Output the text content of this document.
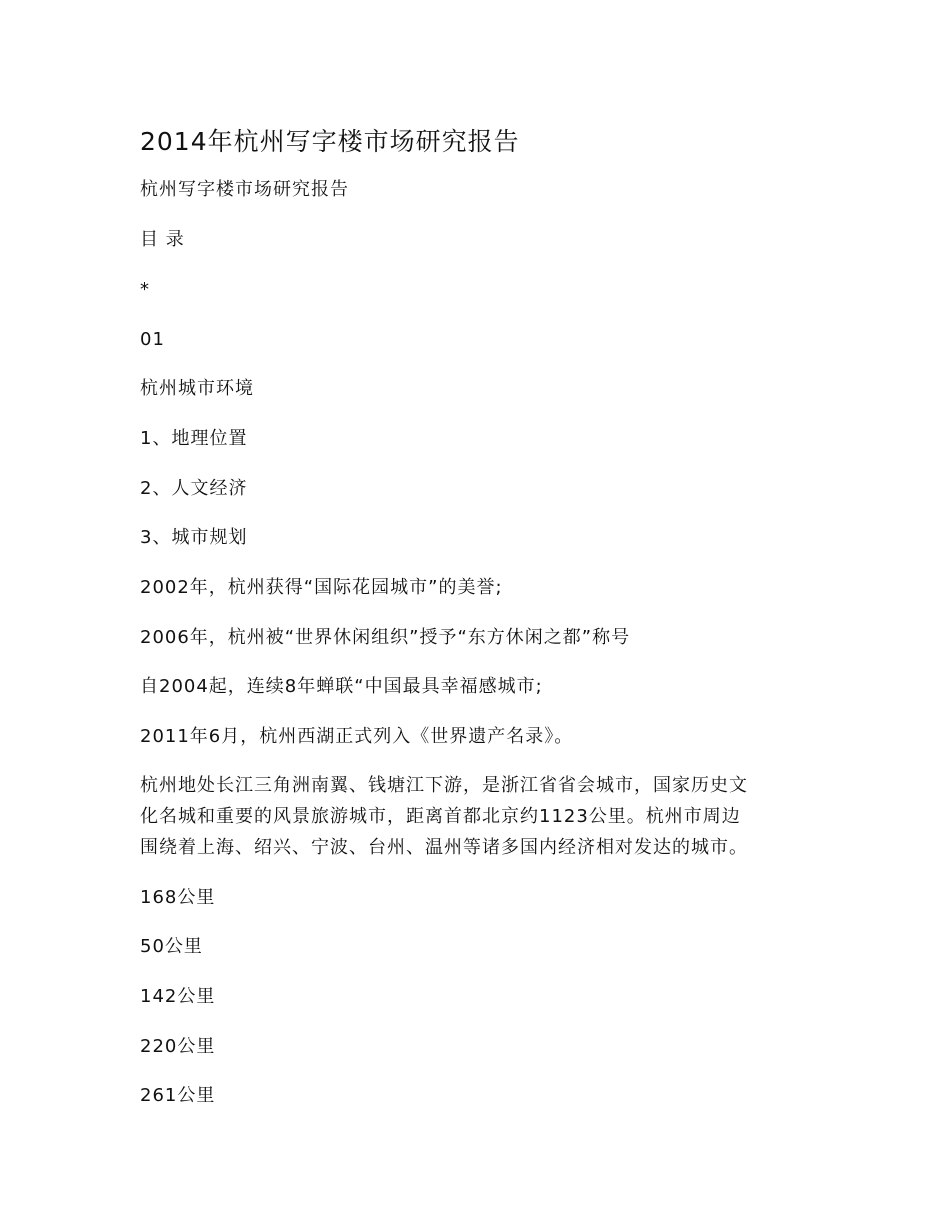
2014年杭州写字楼市场研究报告
杭州写字楼市场研究报告
目 录
*
01
杭州城市环境
1、地理位置
2、人文经济
3、城市规划
2002年，杭州获得“国际花园城市”的美誉;
2006年，杭州被“世界休闲组织”授予“东方休闲之都”称号
自2004起，连续8年蝉联“中国最具幸福感城市;
2011年6月，杭州西湖正式列入《世界遗产名录》。
杭州地处长江三角洲南翼、钱塘江下游，是浙江省省会城市，国家历史文
化名城和重要的风景旅游城市，距离首都北京约1123公里。杭州市周边
围绕着上海、绍兴、宁波、台州、温州等诸多国内经济相对发达的城市。
168公里
50公里
142公里
220公里
261公里
